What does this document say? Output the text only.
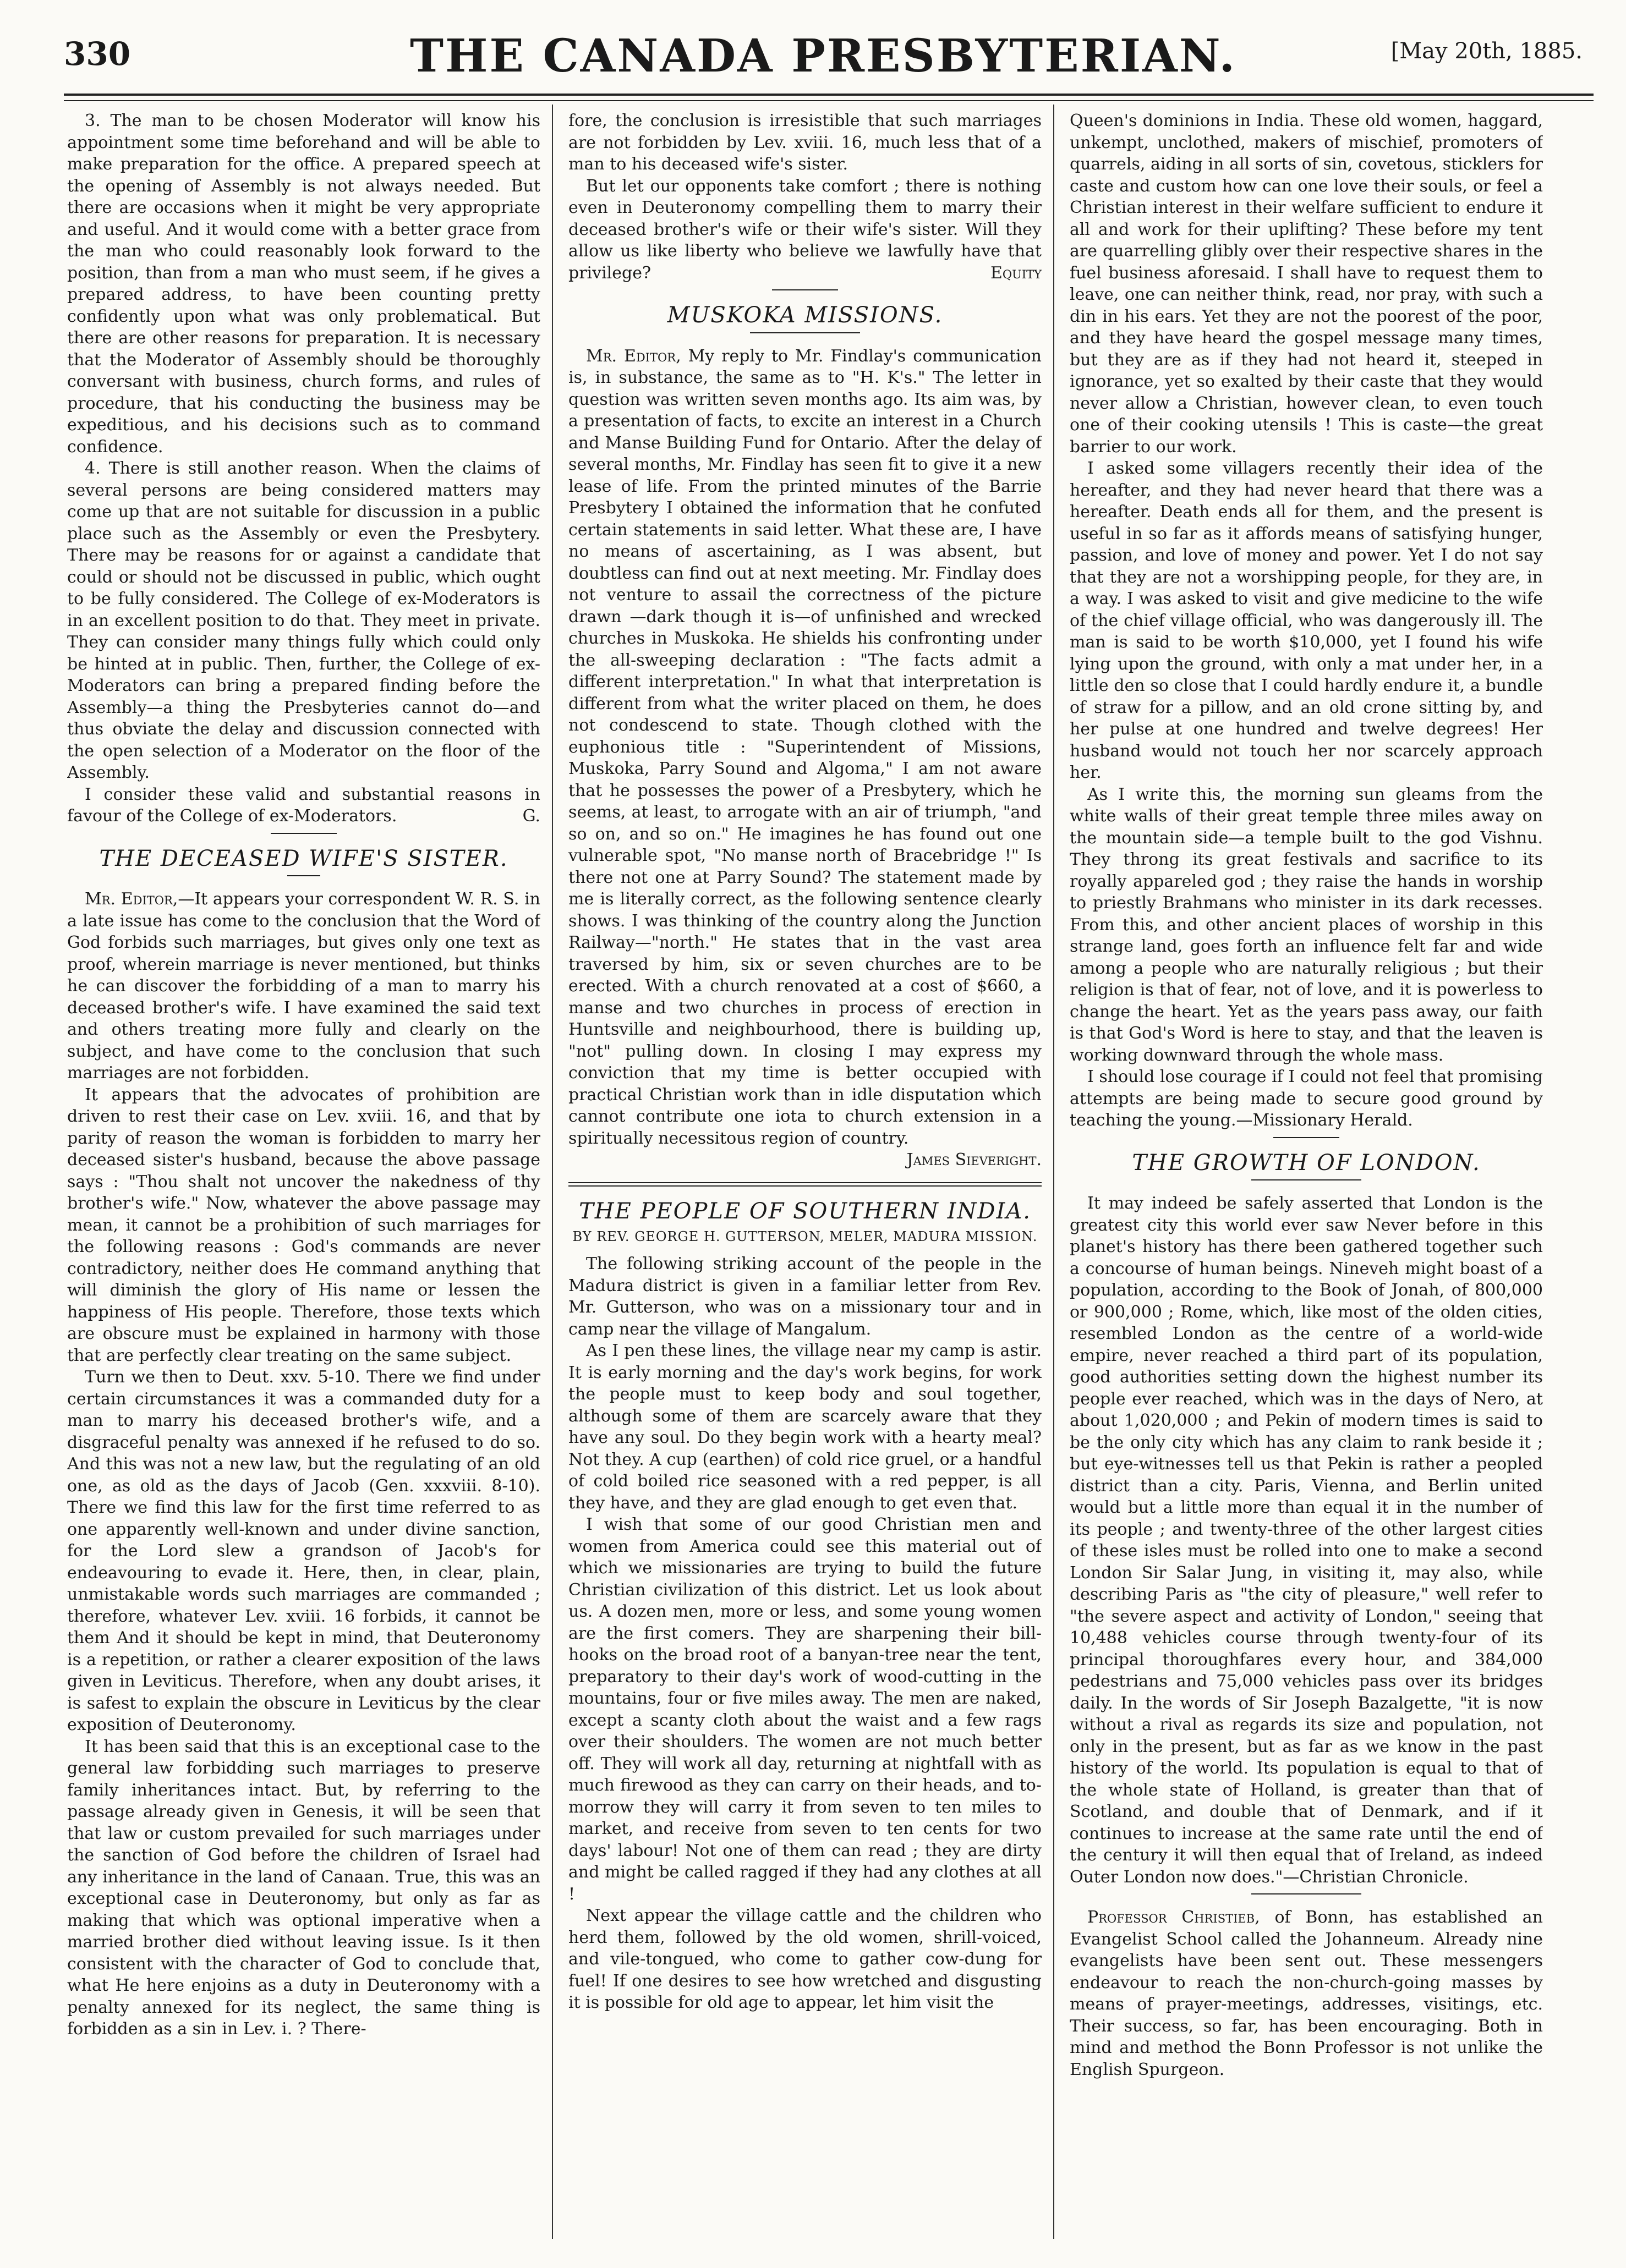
330	THE CANADA PRESBYTERIAN.	[May 20th, 1885.

3. The man to be chosen Moderator will know his appointment some time beforehand and will be able to make preparation for the office. A prepared speech at the opening of Assembly is not always needed. But there are occasions when it might be very appropriate and useful. And it would come with a better grace from the man who could reasonably look forward to the position, than from a man who must seem, if he gives a prepared address, to have been counting pretty confidently upon what was only problematical. But there are other reasons for preparation. It is necessary that the Moderator of Assembly should be thoroughly conversant with business, church forms, and rules of procedure, that his conducting the business may be expeditious, and his decisions such as to command confidence.

4. There is still another reason. When the claims of several persons are being considered matters may come up that are not suitable for discussion in a public place such as the Assembly or even the Presbytery. There may be reasons for or against a candidate that could or should not be discussed in public, which ought to be fully considered. The College of ex-Moderators is in an excellent position to do that. They meet in private. They can consider many things fully which could only be hinted at in public. Then, further, the College of ex-Moderators can bring a prepared finding before the Assembly—a thing the Presbyteries cannot do—and thus obviate the delay and discussion connected with the open selection of a Moderator on the floor of the Assembly.

I consider these valid and substantial reasons in favour of the College of ex-Moderators.	G.

THE DECEASED WIFE'S SISTER.

Mr. Editor,—It appears your correspondent W. R. S. in a late issue has come to the conclusion that the Word of God forbids such marriages, but gives only one text as proof, wherein marriage is never mentioned, but thinks he can discover the forbidding of a man to marry his deceased brother's wife. I have examined the said text and others treating more fully and clearly on the subject, and have come to the conclusion that such marriages are not forbidden.

It appears that the advocates of prohibition are driven to rest their case on Lev. xviii. 16, and that by parity of reason the woman is forbidden to marry her deceased sister's husband, because the above passage says : "Thou shalt not uncover the nakedness of thy brother's wife." Now, whatever the above passage may mean, it cannot be a prohibition of such marriages for the following reasons : God's commands are never contradictory, neither does He command anything that will diminish the glory of His name or lessen the happiness of His people. Therefore, those texts which are obscure must be explained in harmony with those that are perfectly clear treating on the same subject.

Turn we then to Deut. xxv. 5-10. There we find under certain circumstances it was a commanded duty for a man to marry his deceased brother's wife, and a disgraceful penalty was annexed if he refused to do so. And this was not a new law, but the regulating of an old one, as old as the days of Jacob (Gen. xxxviii. 8-10). There we find this law for the first time referred to as one apparently well-known and under divine sanction, for the Lord slew a grandson of Jacob's for endeavouring to evade it. Here, then, in clear, plain, unmistakable words such marriages are commanded ; therefore, whatever Lev. xviii. 16 forbids, it cannot be them And it should be kept in mind, that Deuteronomy is a repetition, or rather a clearer exposition of the laws given in Leviticus. Therefore, when any doubt arises, it is safest to explain the obscure in Leviticus by the clear exposition of Deuteronomy.

It has been said that this is an exceptional case to the general law forbidding such marriages to preserve family inheritances intact. But, by referring to the passage already given in Genesis, it will be seen that that law or custom prevailed for such marriages under the sanction of God before the children of Israel had any inheritance in the land of Canaan. True, this was an exceptional case in Deuteronomy, but only as far as making that which was optional imperative when a married brother died without leaving issue. Is it then consistent with the character of God to conclude that, what He here enjoins as a duty in Deuteronomy with a penalty annexed for its neglect, the same thing is forbidden as a sin in Lev. i. ? There-

fore, the conclusion is irresistible that such marriages are not forbidden by Lev. xviii. 16, much less that of a man to his deceased wife's sister.

But let our opponents take comfort ; there is nothing even in Deuteronomy compelling them to marry their deceased brother's wife or their wife's sister. Will they allow us like liberty who believe we lawfully have that privilege?	Equity

MUSKOKA MISSIONS.

Mr. Editor, My reply to Mr. Findlay's communication is, in substance, the same as to "H. K's." The letter in question was written seven months ago. Its aim was, by a presentation of facts, to excite an interest in a Church and Manse Building Fund for Ontario. After the delay of several months, Mr. Findlay has seen fit to give it a new lease of life. From the printed minutes of the Barrie Presbytery I obtained the information that he confuted certain statements in said letter. What these are, I have no means of ascertaining, as I was absent, but doubtless can find out at next meeting. Mr. Findlay does not venture to assail the correctness of the picture drawn —dark though it is—of unfinished and wrecked churches in Muskoka. He shields his confronting under the all-sweeping declaration : "The facts admit a different interpretation." In what that interpretation is different from what the writer placed on them, he does not condescend to state. Though clothed with the euphonious title : "Superintendent of Missions, Muskoka, Parry Sound and Algoma," I am not aware that he possesses the power of a Presbytery, which he seems, at least, to arrogate with an air of triumph, "and so on, and so on." He imagines he has found out one vulnerable spot, "No manse north of Bracebridge !" Is there not one at Parry Sound? The statement made by me is literally correct, as the following sentence clearly shows. I was thinking of the country along the Junction Railway—"north." He states that in the vast area traversed by him, six or seven churches are to be erected. With a church renovated at a cost of $660, a manse and two churches in process of erection in Huntsville and neighbourhood, there is building up, "not" pulling down. In closing I may express my conviction that my time is better occupied with practical Christian work than in idle disputation which cannot contribute one iota to church extension in a spiritually necessitous region of country.

James Sieveright.

THE PEOPLE OF SOUTHERN INDIA.
BY REV. GEORGE H. GUTTERSON, MELER, MADURA MISSION.

The following striking account of the people in the Madura district is given in a familiar letter from Rev. Mr. Gutterson, who was on a missionary tour and in camp near the village of Mangalum.

As I pen these lines, the village near my camp is astir. It is early morning and the day's work begins, for work the people must to keep body and soul together, although some of them are scarcely aware that they have any soul. Do they begin work with a hearty meal? Not they. A cup (earthen) of cold rice gruel, or a handful of cold boiled rice seasoned with a red pepper, is all they have, and they are glad enough to get even that.

I wish that some of our good Christian men and women from America could see this material out of which we missionaries are trying to build the future Christian civilization of this district. Let us look about us. A dozen men, more or less, and some young women are the first comers. They are sharpening their bill-hooks on the broad root of a banyan-tree near the tent, preparatory to their day's work of wood-cutting in the mountains, four or five miles away. The men are naked, except a scanty cloth about the waist and a few rags over their shoulders. The women are not much better off. They will work all day, returning at nightfall with as much firewood as they can carry on their heads, and to-morrow they will carry it from seven to ten miles to market, and receive from seven to ten cents for two days' labour! Not one of them can read ; they are dirty and might be called ragged if they had any clothes at all !

Next appear the village cattle and the children who herd them, followed by the old women, shrill-voiced, and vile-tongued, who come to gather cow-dung for fuel! If one desires to see how wretched and disgusting it is possible for old age to appear, let him visit the

Queen's dominions in India. These old women, haggard, unkempt, unclothed, makers of mischief, promoters of quarrels, aiding in all sorts of sin, covetous, sticklers for caste and custom how can one love their souls, or feel a Christian interest in their welfare sufficient to endure it all and work for their uplifting? These before my tent are quarrelling glibly over their respective shares in the fuel business aforesaid. I shall have to request them to leave, one can neither think, read, nor pray, with such a din in his ears. Yet they are not the poorest of the poor, and they have heard the gospel message many times, but they are as if they had not heard it, steeped in ignorance, yet so exalted by their caste that they would never allow a Christian, however clean, to even touch one of their cooking utensils ! This is caste—the great barrier to our work.

I asked some villagers recently their idea of the hereafter, and they had never heard that there was a hereafter. Death ends all for them, and the present is useful in so far as it affords means of satisfying hunger, passion, and love of money and power. Yet I do not say that they are not a worshipping people, for they are, in a way. I was asked to visit and give medicine to the wife of the chief village official, who was dangerously ill. The man is said to be worth $10,000, yet I found his wife lying upon the ground, with only a mat under her, in a little den so close that I could hardly endure it, a bundle of straw for a pillow, and an old crone sitting by, and her pulse at one hundred and twelve degrees! Her husband would not touch her nor scarcely approach her.

As I write this, the morning sun gleams from the white walls of their great temple three miles away on the mountain side—a temple built to the god Vishnu. They throng its great festivals and sacrifice to its royally appareled god ; they raise the hands in worship to priestly Brahmans who minister in its dark recesses. From this, and other ancient places of worship in this strange land, goes forth an influence felt far and wide among a people who are naturally religious ; but their religion is that of fear, not of love, and it is powerless to change the heart. Yet as the years pass away, our faith is that God's Word is here to stay, and that the leaven is working downward through the whole mass.

I should lose courage if I could not feel that promising attempts are being made to secure good ground by teaching the young.—Missionary Herald.

THE GROWTH OF LONDON.

It may indeed be safely asserted that London is the greatest city this world ever saw Never before in this planet's history has there been gathered together such a concourse of human beings. Nineveh might boast of a population, according to the Book of Jonah, of 800,000 or 900,000 ; Rome, which, like most of the olden cities, resembled London as the centre of a world-wide empire, never reached a third part of its population, good authorities setting down the highest number its people ever reached, which was in the days of Nero, at about 1,020,000 ; and Pekin of modern times is said to be the only city which has any claim to rank beside it ; but eye-witnesses tell us that Pekin is rather a peopled district than a city. Paris, Vienna, and Berlin united would but a little more than equal it in the number of its people ; and twenty-three of the other largest cities of these isles must be rolled into one to make a second London Sir Salar Jung, in visiting it, may also, while describing Paris as "the city of pleasure," well refer to "the severe aspect and activity of London," seeing that 10,488 vehicles course through twenty-four of its principal thoroughfares every hour, and 384,000 pedestrians and 75,000 vehicles pass over its bridges daily. In the words of Sir Joseph Bazalgette, "it is now without a rival as regards its size and population, not only in the present, but as far as we know in the past history of the world. Its population is equal to that of the whole state of Holland, is greater than that of Scotland, and double that of Denmark, and if it continues to increase at the same rate until the end of the century it will then equal that of Ireland, as indeed Outer London now does."—Christian Chronicle.

Professor Christieb, of Bonn, has established an Evangelist School called the Johanneum. Already nine evangelists have been sent out. These messengers endeavour to reach the non-church-going masses by means of prayer-meetings, addresses, visitings, etc. Their success, so far, has been encouraging. Both in mind and method the Bonn Professor is not unlike the English Spurgeon.
